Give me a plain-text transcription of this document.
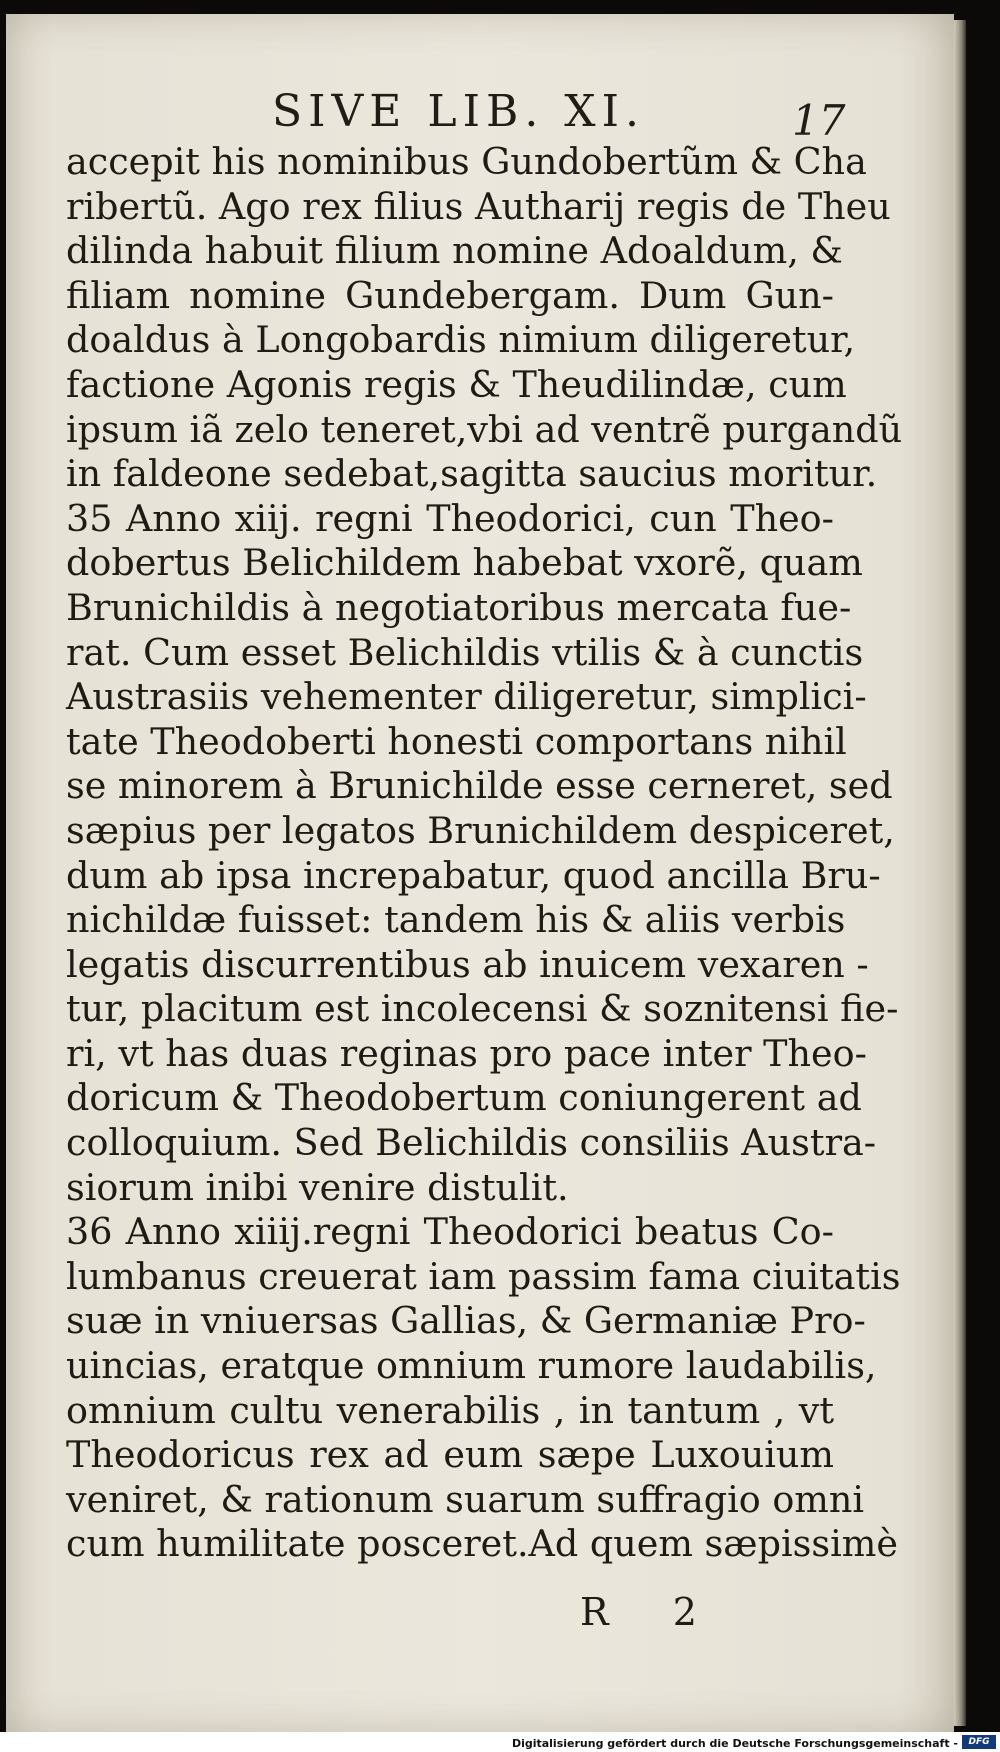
SIVE LIB. XI.	17
accepit his nominibus Gundobertũm & Cha
ribertũ. Ago rex filius Autharij regis de Theu
dilinda habuit filium nomine Adoaldum, &
filiam nomine Gundebergam. Dum Gun-
doaldus à Longobardis nimium diligeretur,
factione Agonis regis & Theudilindæ, cum
ipsum iã zelo teneret,vbi ad ventrẽ purgandũ
in faldeone sedebat,sagitta saucius moritur.
35 Anno xiij. regni Theodorici, cun Theo-
dobertus Belichildem habebat vxorẽ, quam
Brunichildis à negotiatoribus mercata fue-
rat. Cum esset Belichildis vtilis & à cunctis
Austrasiis vehementer diligeretur, simplici-
tate Theodoberti honesti comportans nihil
se minorem à Brunichilde esse cerneret, sed
sæpius per legatos Brunichildem despiceret,
dum ab ipsa increpabatur, quod ancilla Bru-
nichildæ fuisset: tandem his & aliis verbis
legatis discurrentibus ab inuicem vexaren -
tur, placitum est incolecensi & soznitensi fie-
ri, vt has duas reginas pro pace inter Theo-
doricum & Theodobertum coniungerent ad
colloquium. Sed Belichildis consiliis Austra-
siorum inibi venire distulit.
36 Anno xiiij.regni Theodorici beatus Co-
lumbanus creuerat iam passim fama ciuitatis
suæ in vniuersas Gallias, & Germaniæ Pro-
uincias, eratque omnium rumore laudabilis,
omnium cultu venerabilis , in tantum , vt
Theodoricus rex ad eum sæpe Luxouium
veniret, & rationum suarum suffragio omni
cum humilitate posceret.Ad quem sæpissimè
R 2
Digitalisierung gefördert durch die Deutsche Forschungsgemeinschaft -	DFG
